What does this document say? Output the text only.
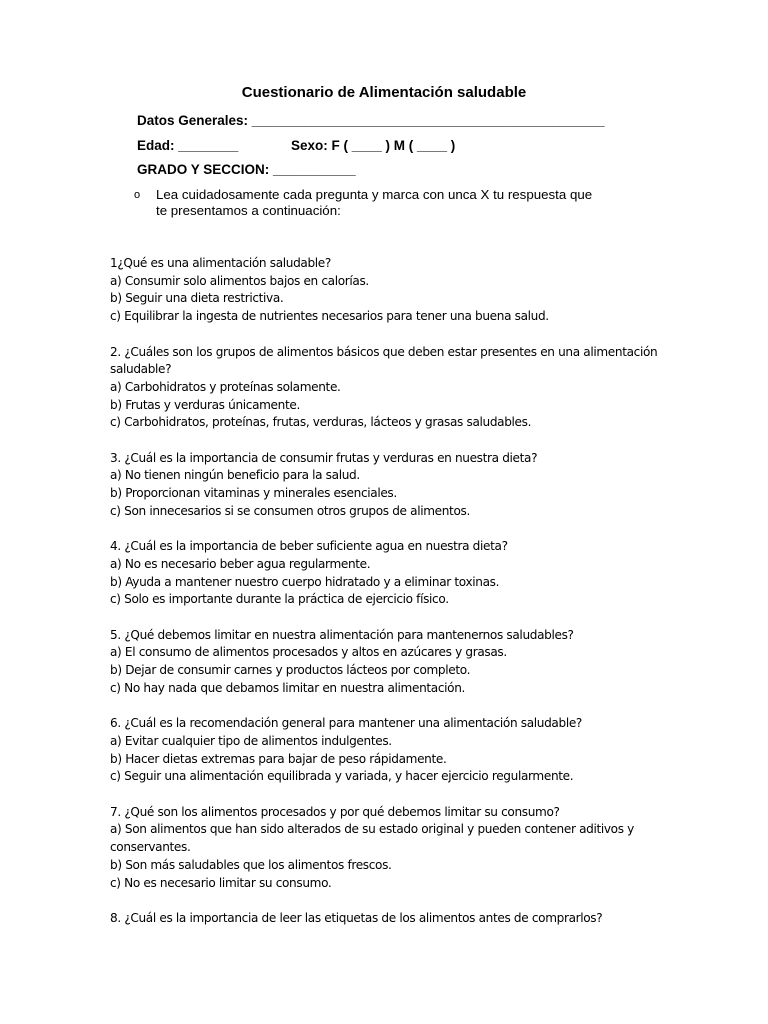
Cuestionario de Alimentación saludable
Datos Generales: _______________________________________________
Edad: ________	Sexo: F ( ____ ) M ( ____ )
GRADO Y SECCION: ___________
o Lea cuidadosamente cada pregunta y marca con unca X tu respuesta que te presentamos a continuación:

1¿Qué es una alimentación saludable?

a) Consumir solo alimentos bajos en calorías.

b) Seguir una dieta restrictiva.

c) Equilibrar la ingesta de nutrientes necesarios para tener una buena salud.

2. ¿Cuáles son los grupos de alimentos básicos que deben estar presentes en una alimentación saludable?

a) Carbohidratos y proteínas solamente.

b) Frutas y verduras únicamente.

c) Carbohidratos, proteínas, frutas, verduras, lácteos y grasas saludables.

3. ¿Cuál es la importancia de consumir frutas y verduras en nuestra dieta?

a) No tienen ningún beneficio para la salud.

b) Proporcionan vitaminas y minerales esenciales.

c) Son innecesarios si se consumen otros grupos de alimentos.

4. ¿Cuál es la importancia de beber suficiente agua en nuestra dieta?

a) No es necesario beber agua regularmente.

b) Ayuda a mantener nuestro cuerpo hidratado y a eliminar toxinas.

c) Solo es importante durante la práctica de ejercicio físico.

5. ¿Qué debemos limitar en nuestra alimentación para mantenernos saludables?

a) El consumo de alimentos procesados y altos en azúcares y grasas.

b) Dejar de consumir carnes y productos lácteos por completo.

c) No hay nada que debamos limitar en nuestra alimentación.

6. ¿Cuál es la recomendación general para mantener una alimentación saludable?

a) Evitar cualquier tipo de alimentos indulgentes.

b) Hacer dietas extremas para bajar de peso rápidamente.

c) Seguir una alimentación equilibrada y variada, y hacer ejercicio regularmente.

7. ¿Qué son los alimentos procesados y por qué debemos limitar su consumo?

a) Son alimentos que han sido alterados de su estado original y pueden contener aditivos y conservantes.

b) Son más saludables que los alimentos frescos.

c) No es necesario limitar su consumo.

8. ¿Cuál es la importancia de leer las etiquetas de los alimentos antes de comprarlos?
